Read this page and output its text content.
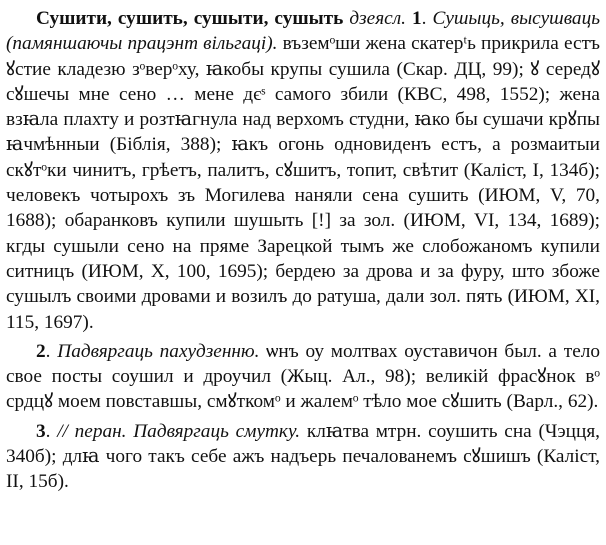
Сушити, сушить, сушыти, сушыть дзеясл. 1. Сушыць, высушваць (памяншаючы працэнт вільгаці). въземᵒши жена скатерᵗь прикрила естъ ꙋстие кладезю зᵒверᵒху, ꙗкобы крупы сушила (Скар. ДЦ, 99); ꙋ середꙋ сꙋшечы мне сено … мене дєˢ самого збили (КВС, 498, 1552); жена взꙗла плахту и розтꙗгнула над верхомъ студни, ꙗко бы сушачи крꙋпы ꙗчмѣнныи (Біблія, 388); ꙗкъ огонь одновиденъ естъ, а розмаитыи скꙋтᵒки чинитъ, грѣетъ, палитъ, сꙋшитъ, топит, свѣтит (Каліст, І, 134б); человекъ чотырохъ зъ Могилева наняли сена сушить (ИЮМ, V, 70, 1688); обаранковъ купили шушыть [!] за зол. (ИЮМ, VI, 134, 1689); кгды сушыли сено на пряме Зарецкой тымъ же слобожаномъ купили ситницъ (ИЮМ, X, 100, 1695); бердею за дрова и за фуру, што збоже сушылъ своими дровами и возилъ до ратуша, дали зол. пять (ИЮМ, XI, 115, 1697).

2. Падвяргаць пахудзенню. ѡнъ оу молтвах оуставичон был. а тело свое посты соушил и дроучил (Жыц. Ал., 98); великій фрасꙋнок вᵒ срдцꙋ моем повставшы, смꙋткомᵒ и жалемᵒ тѣло мое сꙋшить (Варл., 62).

3. // перан. Падвяргаць смутку. клꙗтва мтрн. соушить сна (Чэцця, 340б); длꙗ чого такъ себе ажъ надъерь печалованемъ сꙋшишъ (Каліст, II, 15б).
